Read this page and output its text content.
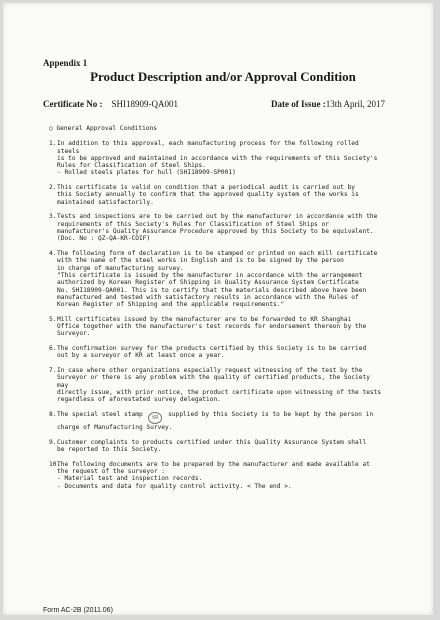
Appendix 1
Product Description and/or Approval Condition
Certificate No : SHI18909-QA001	Date of Issue :13th April, 2017
○ General Approval Conditions
1. In addition to this approval, each manufacturing process for the following rolled steels
is to be approved and maintained in accordance with the requirements of this Society's
Rules for Classification of Steel Ships.
- Rolled steels plates for hull (SHI18909-SP001)
2. This certificate is valid on condition that a periodical audit is carried out by
this Society annually to confirm that the approved quality system of the works is
maintained satisfactorily.
3. Tests and inspections are to be carried out by the manufacturer in accordance with the
requirements of this Society's Rules for Classification of Steel Ships or
manufacturer's Quality Assurance Procedure approved by this Society to be equivalent.
(Doc. No : QZ-QA-KR-COIF)
4. The following form of declaration is to be stamped or printed on each mill certificate
with the name of the steel works in English and is to be signed by the person
in charge of manufacturing survey.
"This certificate is issued by the manufacturer in accordance with the arrangement
authorized by Korean Register of Shipping in Quality Assurance System Certificate
No. SHI18909-QA001. This is to certify that the materials described above have been
manufactured and tested with satisfactory results in accordance with the Rules of
Korean Register of Shipping and the applicable requirements."
5. Mill certificates issued by the manufacturer are to be forwarded to KR Shanghai
Office together with the manufacturer's test records for endorsement thereon by the
Surveyor.
6. The confirmation survey for the products certified by this Society is to be carried
out by a surveyor of KR at least once a year.
7. In case where other organizations especially request witnessing of the test by the
Surveyor or there is any problem with the quality of certified products, the Society may
directly issue, with prior notice, the product certificate upon witnessing of the tests
regardless of aforestated survey delegation.
8. The special steel stamp KR supplied by this Society is to be kept by the person in
charge of Manufacturing Survey.
9. Customer complaints to products certified under this Quality Assurance System shall
be reported to this Society.
10.
The following documents are to be prepared by the manufacturer and made available at
the request of the surveyor :
- Material test and inspection records.
- Documents and data for quality control activity. < The end >.
Form AC-2B (2011.06)
